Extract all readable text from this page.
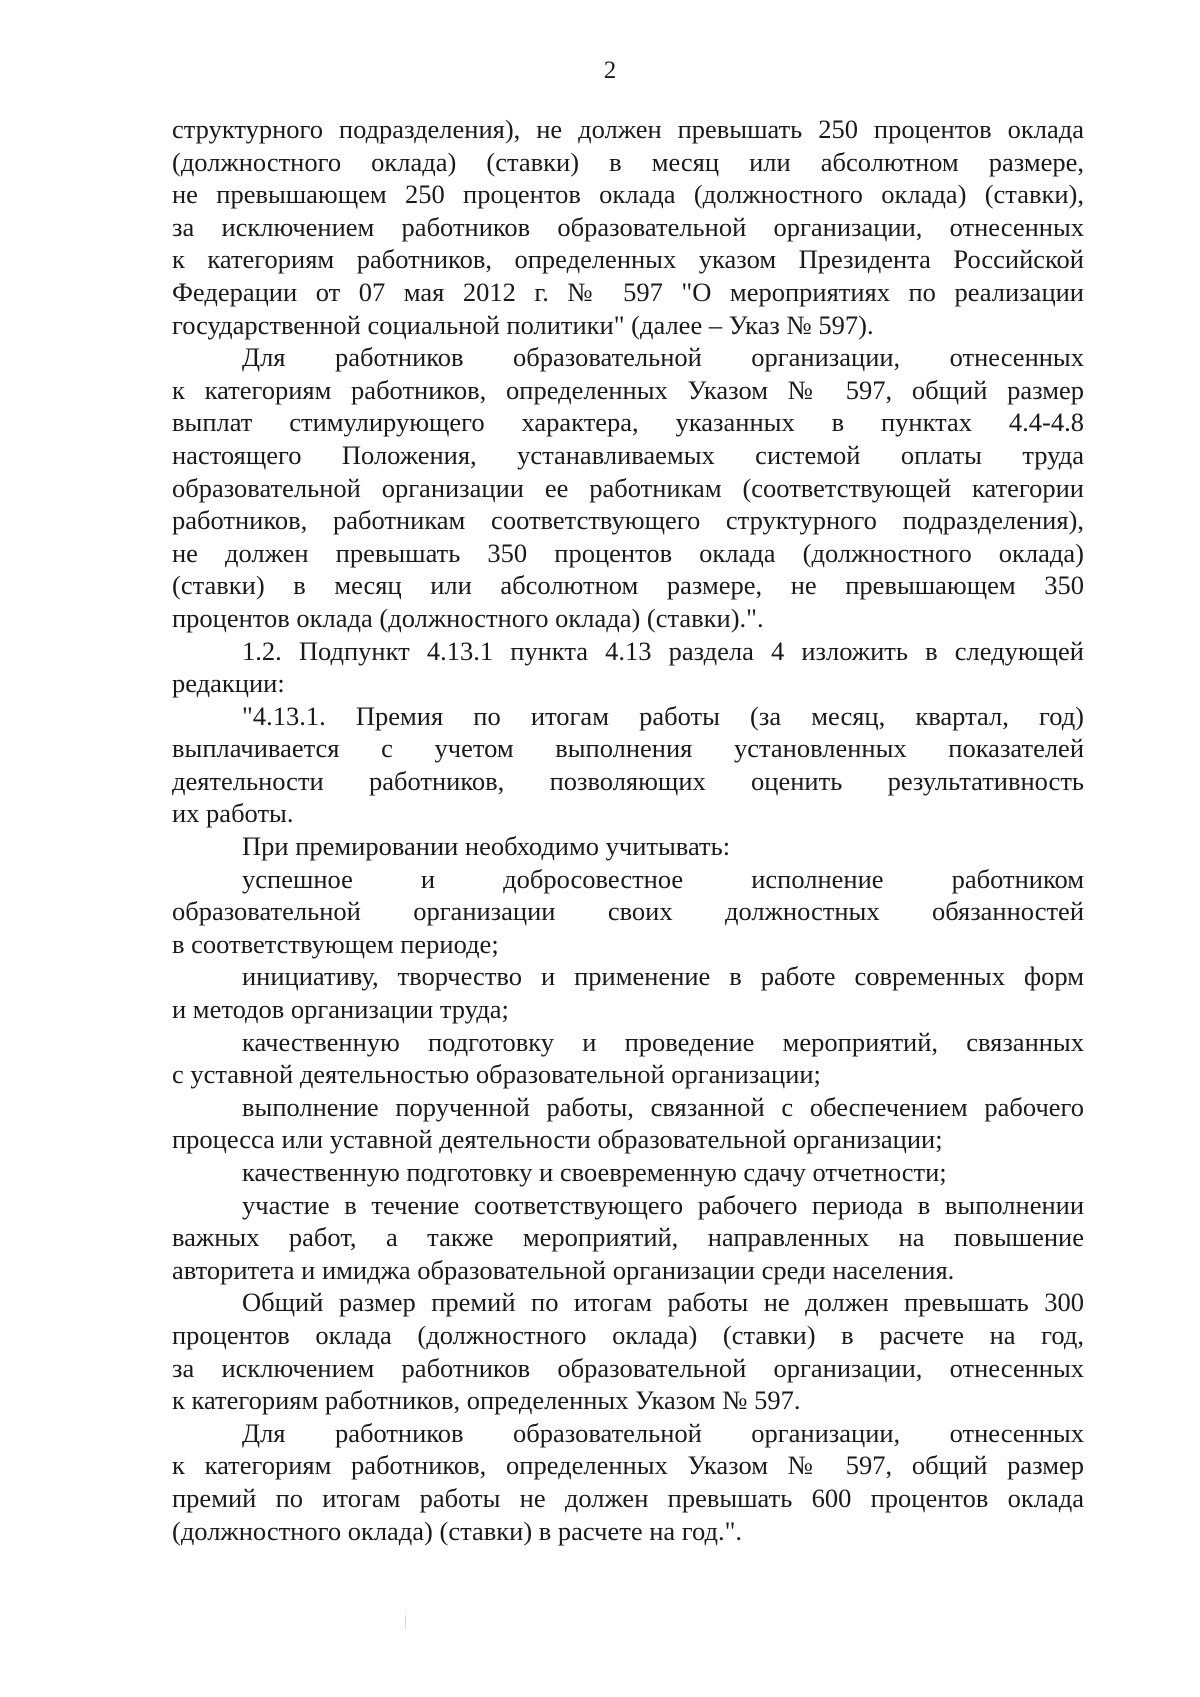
2
структурного подразделения), не должен превышать 250 процентов оклада
(должностного оклада) (ставки) в месяц или абсолютном размере,
не превышающем 250 процентов оклада (должностного оклада) (ставки),
за исключением работников образовательной организации, отнесенных
к категориям работников, определенных указом Президента Российской
Федерации от 07 мая 2012 г. № 597 "О мероприятиях по реализации
государственной социальной политики" (далее – Указ № 597).
Для работников образовательной организации, отнесенных
к категориям работников, определенных Указом № 597, общий размер
выплат стимулирующего характера, указанных в пунктах 4.4-4.8
настоящего Положения, устанавливаемых системой оплаты труда
образовательной организации ее работникам (соответствующей категории
работников, работникам соответствующего структурного подразделения),
не должен превышать 350 процентов оклада (должностного оклада)
(ставки) в месяц или абсолютном размере, не превышающем 350
процентов оклада (должностного оклада) (ставки).".
1.2. Подпункт 4.13.1 пункта 4.13 раздела 4 изложить в следующей
редакции:
"4.13.1. Премия по итогам работы (за месяц, квартал, год)
выплачивается с учетом выполнения установленных показателей
деятельности работников, позволяющих оценить результативность
их работы.
При премировании необходимо учитывать:
успешное и добросовестное исполнение работником
образовательной организации своих должностных обязанностей
в соответствующем периоде;
инициативу, творчество и применение в работе современных форм
и методов организации труда;
качественную подготовку и проведение мероприятий, связанных
с уставной деятельностью образовательной организации;
выполнение порученной работы, связанной с обеспечением рабочего
процесса или уставной деятельности образовательной организации;
качественную подготовку и своевременную сдачу отчетности;
участие в течение соответствующего рабочего периода в выполнении
важных работ, а также мероприятий, направленных на повышение
авторитета и имиджа образовательной организации среди населения.
Общий размер премий по итогам работы не должен превышать 300
процентов оклада (должностного оклада) (ставки) в расчете на год,
за исключением работников образовательной организации, отнесенных
к категориям работников, определенных Указом № 597.
Для работников образовательной организации, отнесенных
к категориям работников, определенных Указом № 597, общий размер
премий по итогам работы не должен превышать 600 процентов оклада
(должностного оклада) (ставки) в расчете на год.".
